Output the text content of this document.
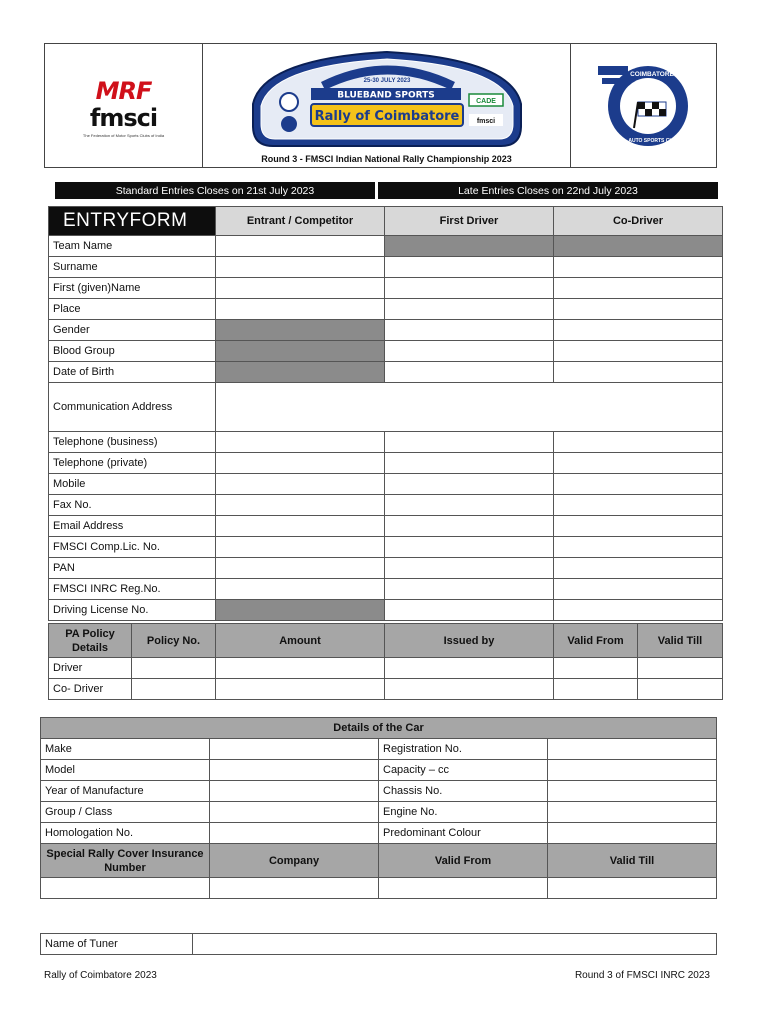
MRF
fmsci
The Federation of Motor Sports Clubs of India
25-30 JULY 2023
BLUEBAND SPORTS
Rally of Coimbatore
CADE
fmsci
Round 3 - FMSCI Indian National Rally Championship 2023
COIMBATORE
AUTO SPORTS CLUB
Standard Entries Closes on 21st July 2023	Late Entries Closes on 22nd July 2023
ENTRYFORM	Entrant / Competitor	First Driver	Co-Driver
Team Name			
Surname			
First (given)Name			
Place			
Gender			
Blood Group			
Date of Birth			
Communication Address			
Telephone (business)			
Telephone (private)			
Mobile			
Fax No.			
Email Address			
FMSCI Comp.Lic. No.			
PAN			
FMSCI INRC Reg.No.			
Driving License No.			
PA Policy Details	Policy No.	Amount	Issued by	Valid From	Valid Till
Driver					
Co- Driver					
Details of the Car			
Make		Registration No.	
Model		Capacity – cc	
Year of Manufacture		Chassis No.	
Group / Class		Engine No.	
Homologation No.		Predominant Colour	
Special Rally Cover Insurance Number	Company	Valid From	Valid Till

Name of Tuner	
Rally of Coimbatore 2023	Round 3 of FMSCI INRC 2023
